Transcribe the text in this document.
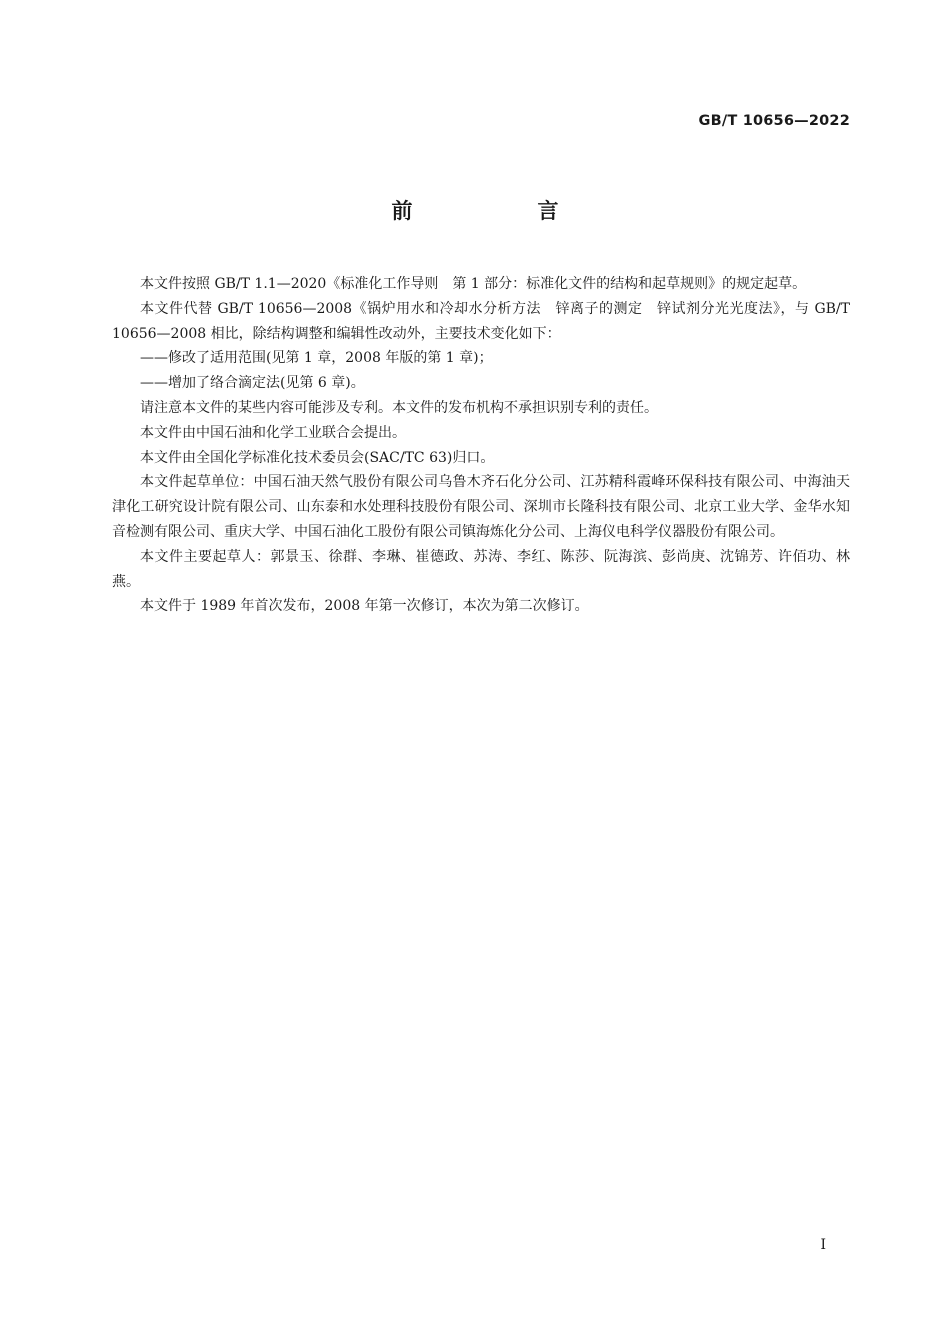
GB/T 10656—2022
前　言

本文件按照 GB/T 1.1—2020《标准化工作导则　第 1 部分：标准化文件的结构和起草规则》的规定起草。

本文件代替 GB/T 10656—2008《锅炉用水和冷却水分析方法　锌离子的测定　锌试剂分光光度法》，与 GB/T 10656—2008 相比，除结构调整和编辑性改动外，主要技术变化如下：

——修改了适用范围(见第 1 章，2008 年版的第 1 章)；

——增加了络合滴定法(见第 6 章)。

请注意本文件的某些内容可能涉及专利。本文件的发布机构不承担识别专利的责任。

本文件由中国石油和化学工业联合会提出。

本文件由全国化学标准化技术委员会(SAC/TC 63)归口。

本文件起草单位：中国石油天然气股份有限公司乌鲁木齐石化分公司、江苏精科霞峰环保科技有限公司、中海油天津化工研究设计院有限公司、山东泰和水处理科技股份有限公司、深圳市长隆科技有限公司、北京工业大学、金华水知音检测有限公司、重庆大学、中国石油化工股份有限公司镇海炼化分公司、上海仪电科学仪器股份有限公司。

本文件主要起草人：郭景玉、徐群、李琳、崔德政、苏涛、李红、陈莎、阮海滨、彭尚庚、沈锦芳、许佰功、林燕。

本文件于 1989 年首次发布，2008 年第一次修订，本次为第二次修订。

I
